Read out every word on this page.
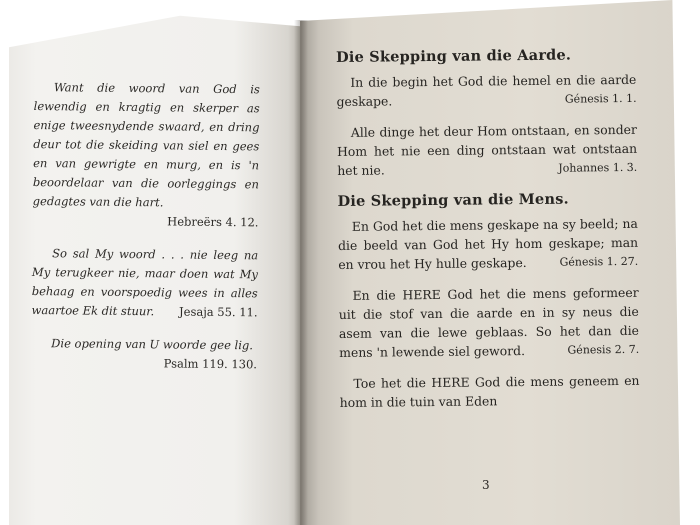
Want die woord van God is lewendig en kragtig en skerper as enige tweesnydende swaard, en dring deur tot die skeiding van siel en gees en van gewrigte en murg, en is 'n beoordelaar van die oorleggings en gedagtes van die hart.
Hebreërs 4. 12.

So sal My woord . . . nie leeg na My terugkeer nie, maar doen wat My behaag en voorspoedig wees in alles waartoe Ek dit stuur.	Jesaja 55. 11.

Die opening van U woorde gee lig.
Psalm 119. 130.

Die Skepping van die Aarde.

In die begin het God die hemel en die aarde geskape.	Génesis 1. 1.

Alle dinge het deur Hom ontstaan, en sonder Hom het nie een ding ontstaan wat ontstaan het nie.	Johannes 1. 3.

Die Skepping van die Mens.

En God het die mens geskape na sy beeld; na die beeld van God het Hy hom geskape; man en vrou het Hy hulle geskape.	Génesis 1. 27.

En die HERE God het die mens geformeer uit die stof van die aarde en in sy neus die asem van die lewe geblaas. So het dan die mens 'n lewende siel geword.	Génesis 2. 7.

Toe het die HERE God die mens geneem en hom in die tuin van Eden

3
